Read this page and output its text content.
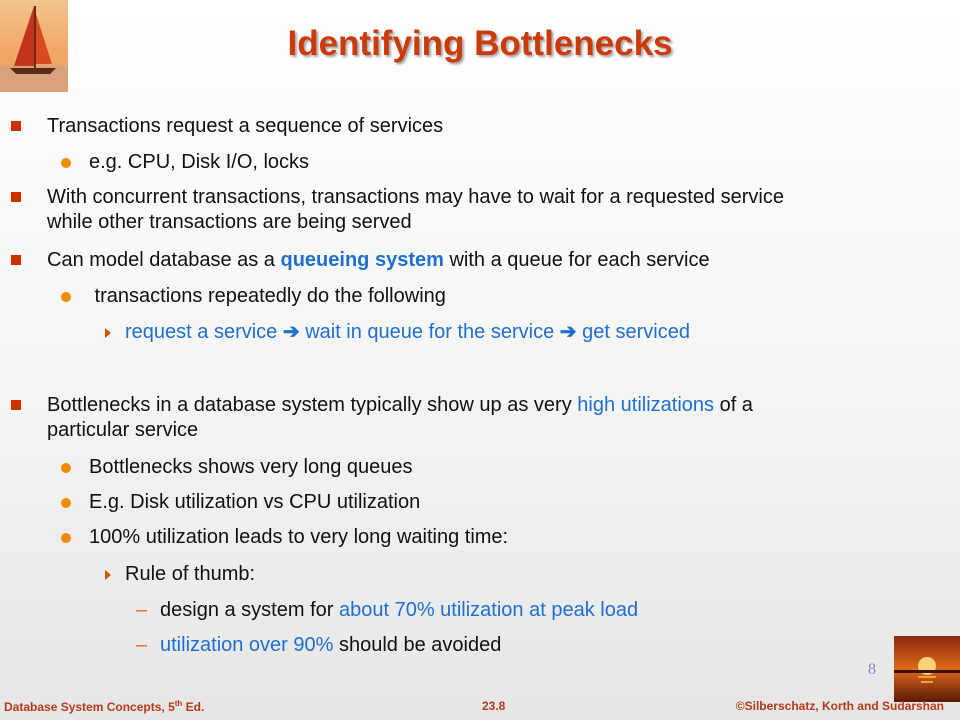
Identifying Bottlenecks
Transactions request a sequence of services
e.g. CPU, Disk I/O, locks
With concurrent transactions, transactions may have to wait for a requested service
while other transactions are being served
Can model database as a queueing system with a queue for each service
transactions repeatedly do the following
request a service ➔ wait in queue for the service ➔ get serviced
Bottlenecks in a database system typically show up as very high utilizations of a
particular service
Bottlenecks shows very long queues
E.g. Disk utilization vs CPU utilization
100% utilization leads to very long waiting time:
Rule of thumb:
– design a system for about 70% utilization at peak load
– utilization over 90% should be avoided
8
Database System Concepts, 5th Ed.	23.8	©Silberschatz, Korth and Sudarshan
